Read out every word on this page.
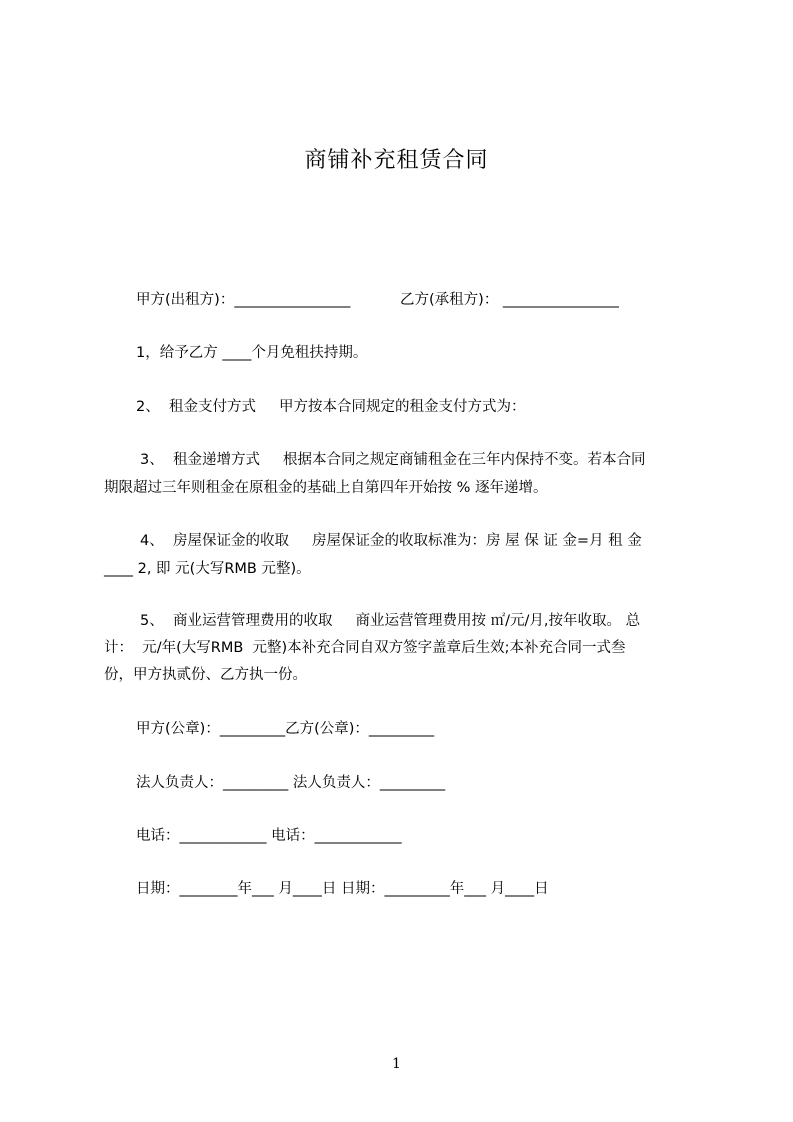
商铺补充租赁合同
甲方(出租方)：________________	乙方(承租方)： ________________
1，给予乙方 ____个月免租扶持期。
2、  租金支付方式     甲方按本合同规定的租金支付方式为：
3、  租金递增方式     根据本合同之规定商铺租金在三年内保持不变。若本合同
期限超过三年则租金在原租金的基础上自第四年开始按 % 逐年递增。
4、  房屋保证金的收取     房屋保证金的收取标准为：房 屋 保 证 金=月 租 金
____ 2, 即 元(大写RMB 元整)。
5、  商业运营管理费用的收取     商业运营管理费用按 ㎡/元/月,按年收取。 总
计：  元/年(大写RMB  元整)本补充合同自双方签字盖章后生效;本补充合同一式叁
份，甲方执贰份、乙方执一份。
甲方(公章)：_________乙方(公章)：_________
法人负责人：_________ 法人负责人：_________
电话：____________ 电话：____________
日期：________年___ 月____日 日期：_________年___ 月____日
1
